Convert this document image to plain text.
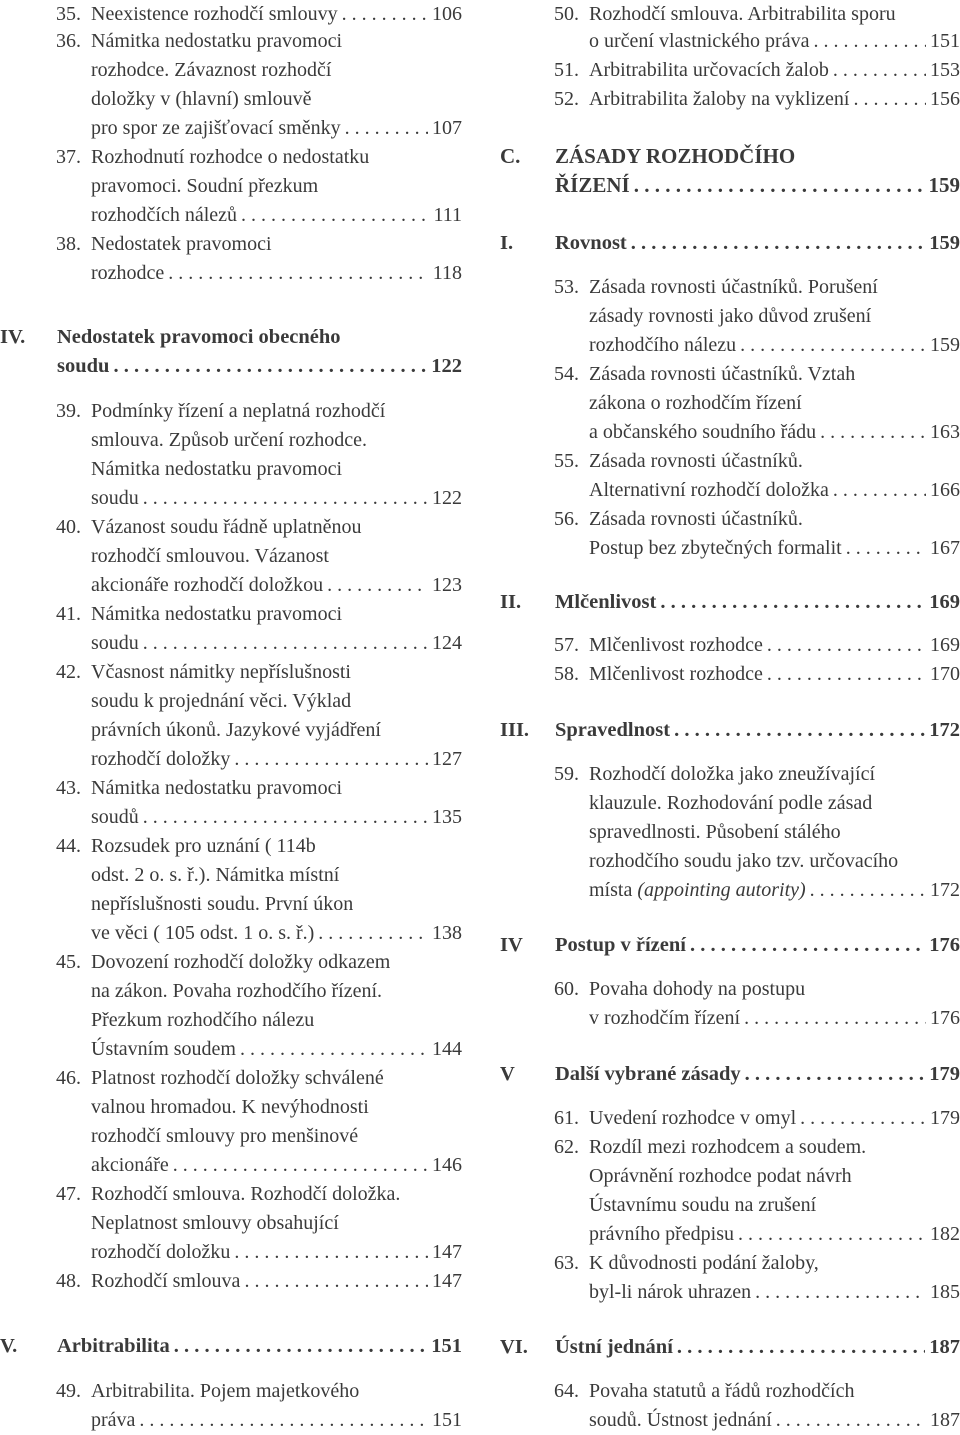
35. Neexistence rozhodčí smlouvy . . .	106
36. Námitka nedostatku pravomoci
rozhodce. Závaznost rozhodčí
doložky v (hlavní) smlouvě
pro spor ze zajišťovací směnky . . .	107
37. Rozhodnutí rozhodce o nedostatku
pravomoci. Soudní přezkum
rozhodčích nálezů . . .	111
38. Nedostatek pravomoci
rozhodce . . .	118
IV. Nedostatek pravomoci obecného
soudu . . .	122
39. Podmínky řízení a neplatná rozhodčí
smlouva. Způsob určení rozhodce.
Námitka nedostatku pravomoci
soudu . . .	122
40. Vázanost soudu řádně uplatněnou
rozhodčí smlouvou. Vázanost
akcionáře rozhodčí doložkou . . .	123
41. Námitka nedostatku pravomoci
soudu . . .	124
42. Včasnost námitky nepříslušnosti
soudu k projednání věci. Výklad
právních úkonů. Jazykové vyjádření
rozhodčí doložky . . .	127
43. Námitka nedostatku pravomoci
soudů . . .	135
44. Rozsudek pro uznání ( 114b
odst. 2 o. s. ř.). Námitka místní
nepříslušnosti soudu. První úkon
ve věci ( 105 odst. 1 o. s. ř.) . . .	138
45. Dovození rozhodčí doložky odkazem
na zákon. Povaha rozhodčího řízení.
Přezkum rozhodčího nálezu
Ústavním soudem . . .	144
46. Platnost rozhodčí doložky schválené
valnou hromadou. K nevýhodnosti
rozhodčí smlouvy pro menšinové
akcionáře . . .	146
47. Rozhodčí smlouva. Rozhodčí doložka.
Neplatnost smlouvy obsahující
rozhodčí doložku . . .	147
48. Rozhodčí smlouva . . .	147
V. Arbitrabilita . . .	151
49. Arbitrabilita. Pojem majetkového
práva . . .	151
50. Rozhodčí smlouva. Arbitrabilita sporu
o určení vlastnického práva . . .	151
51. Arbitrabilita určovacích žalob . . .	153
52. Arbitrabilita žaloby na vyklizení . . .	156
C. ZÁSADY ROZHODČÍHO
ŘÍZENÍ . . .	159
I. Rovnost . . .	159
53. Zásada rovnosti účastníků. Porušení
zásady rovnosti jako důvod zrušení
rozhodčího nálezu . . .	159
54. Zásada rovnosti účastníků. Vztah
zákona o rozhodčím řízení
a občanského soudního řádu . . .	163
55. Zásada rovnosti účastníků.
Alternativní rozhodčí doložka . . .	166
56. Zásada rovnosti účastníků.
Postup bez zbytečných formalit . . .	167
II. Mlčenlivost . . .	169
57. Mlčenlivost rozhodce . . .	169
58. Mlčenlivost rozhodce . . .	170
III. Spravedlnost . . .	172
59. Rozhodčí doložka jako zneužívající
klauzule. Rozhodování podle zásad
spravedlnosti. Působení stálého
rozhodčího soudu jako tzv. určovacího
místa (appointing autority) . . .	172
IV Postup v řízení . . .	176
60. Povaha dohody na postupu
v rozhodčím řízení . . .	176
V Další vybrané zásady . . .	179
61. Uvedení rozhodce v omyl . . .	179
62. Rozdíl mezi rozhodcem a soudem.
Oprávnění rozhodce podat návrh
Ústavnímu soudu na zrušení
právního předpisu . . .	182
63. K důvodnosti podání žaloby,
byl-li nárok uhrazen . . .	185
VI. Ústní jednání . . .	187
64. Povaha statutů a řádů rozhodčích
soudů. Ústnost jednání . . .	187
